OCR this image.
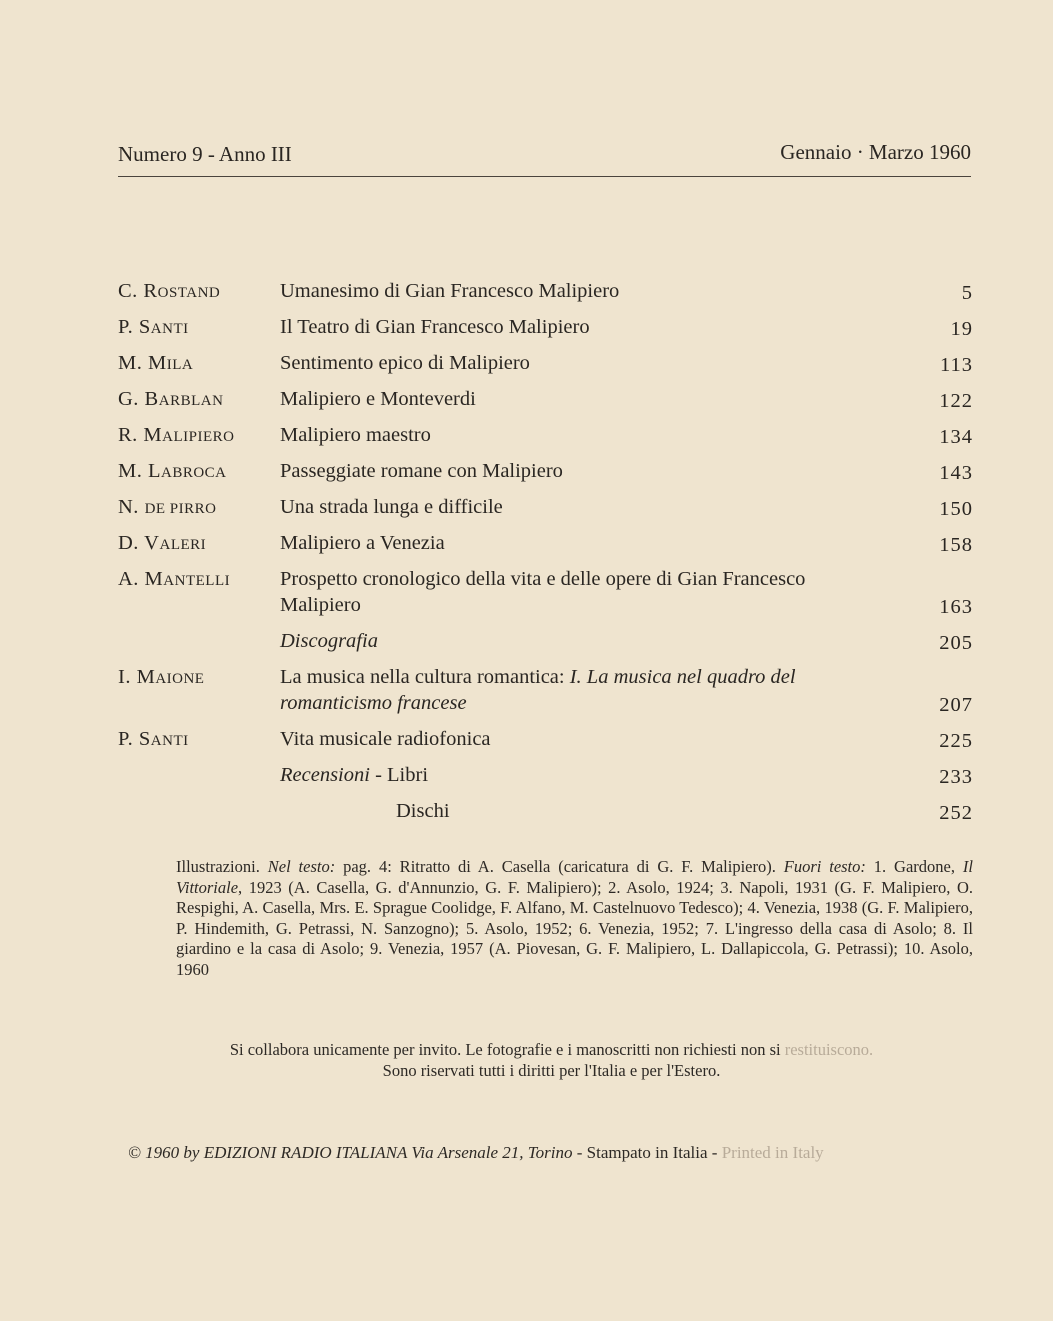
Numero 9 - Anno III	Gennaio · Marzo 1960
C. ROSTAND	Umanesimo di Gian Francesco Malipiero	5
P. SANTI	Il Teatro di Gian Francesco Malipiero	19
M. MILA	Sentimento epico di Malipiero	113
G. BARBLAN	Malipiero e Monteverdi	122
R. MALIPIERO	Malipiero maestro	134
M. LABROCA	Passeggiate romane con Malipiero	143
N. DE PIRRO	Una strada lunga e difficile	150
D. VALERI	Malipiero a Venezia	158
A. MANTELLI	Prospetto cronologico della vita e delle opere di Gian Francesco Malipiero	163
Discografia	205
I. MAIONE	La musica nella cultura romantica: I. La musica nel quadro del romanticismo francese	207
P. SANTI	Vita musicale radiofonica	225
Recensioni - Libri	233
Dischi	252
Illustrazioni. Nel testo: pag. 4: Ritratto di A. Casella (caricatura di G. F. Malipiero). Fuori testo: 1. Gardone, Il Vittoriale, 1923 (A. Casella, G. d'Annunzio, G. F. Malipiero); 2. Asolo, 1924; 3. Napoli, 1931 (G. F. Malipiero, O. Respighi, A. Casella, Mrs. E. Sprague Coolidge, F. Alfano, M. Castelnuovo Tedesco); 4. Venezia, 1938 (G. F. Malipiero, P. Hindemith, G. Petrassi, N. Sanzogno); 5. Asolo, 1952; 6. Venezia, 1952; 7. L'ingresso della casa di Asolo; 8. Il giardino e la casa di Asolo; 9. Venezia, 1957 (A. Piovesan, G. F. Malipiero, L. Dallapiccola, G. Petrassi); 10. Asolo, 1960
Si collabora unicamente per invito. Le fotografie e i manoscritti non richiesti non si restituiscono.
Sono riservati tutti i diritti per l'Italia e per l'Estero.
© 1960 by EDIZIONI RADIO ITALIANA Via Arsenale 21, Torino - Stampato in Italia - Printed in Italy
